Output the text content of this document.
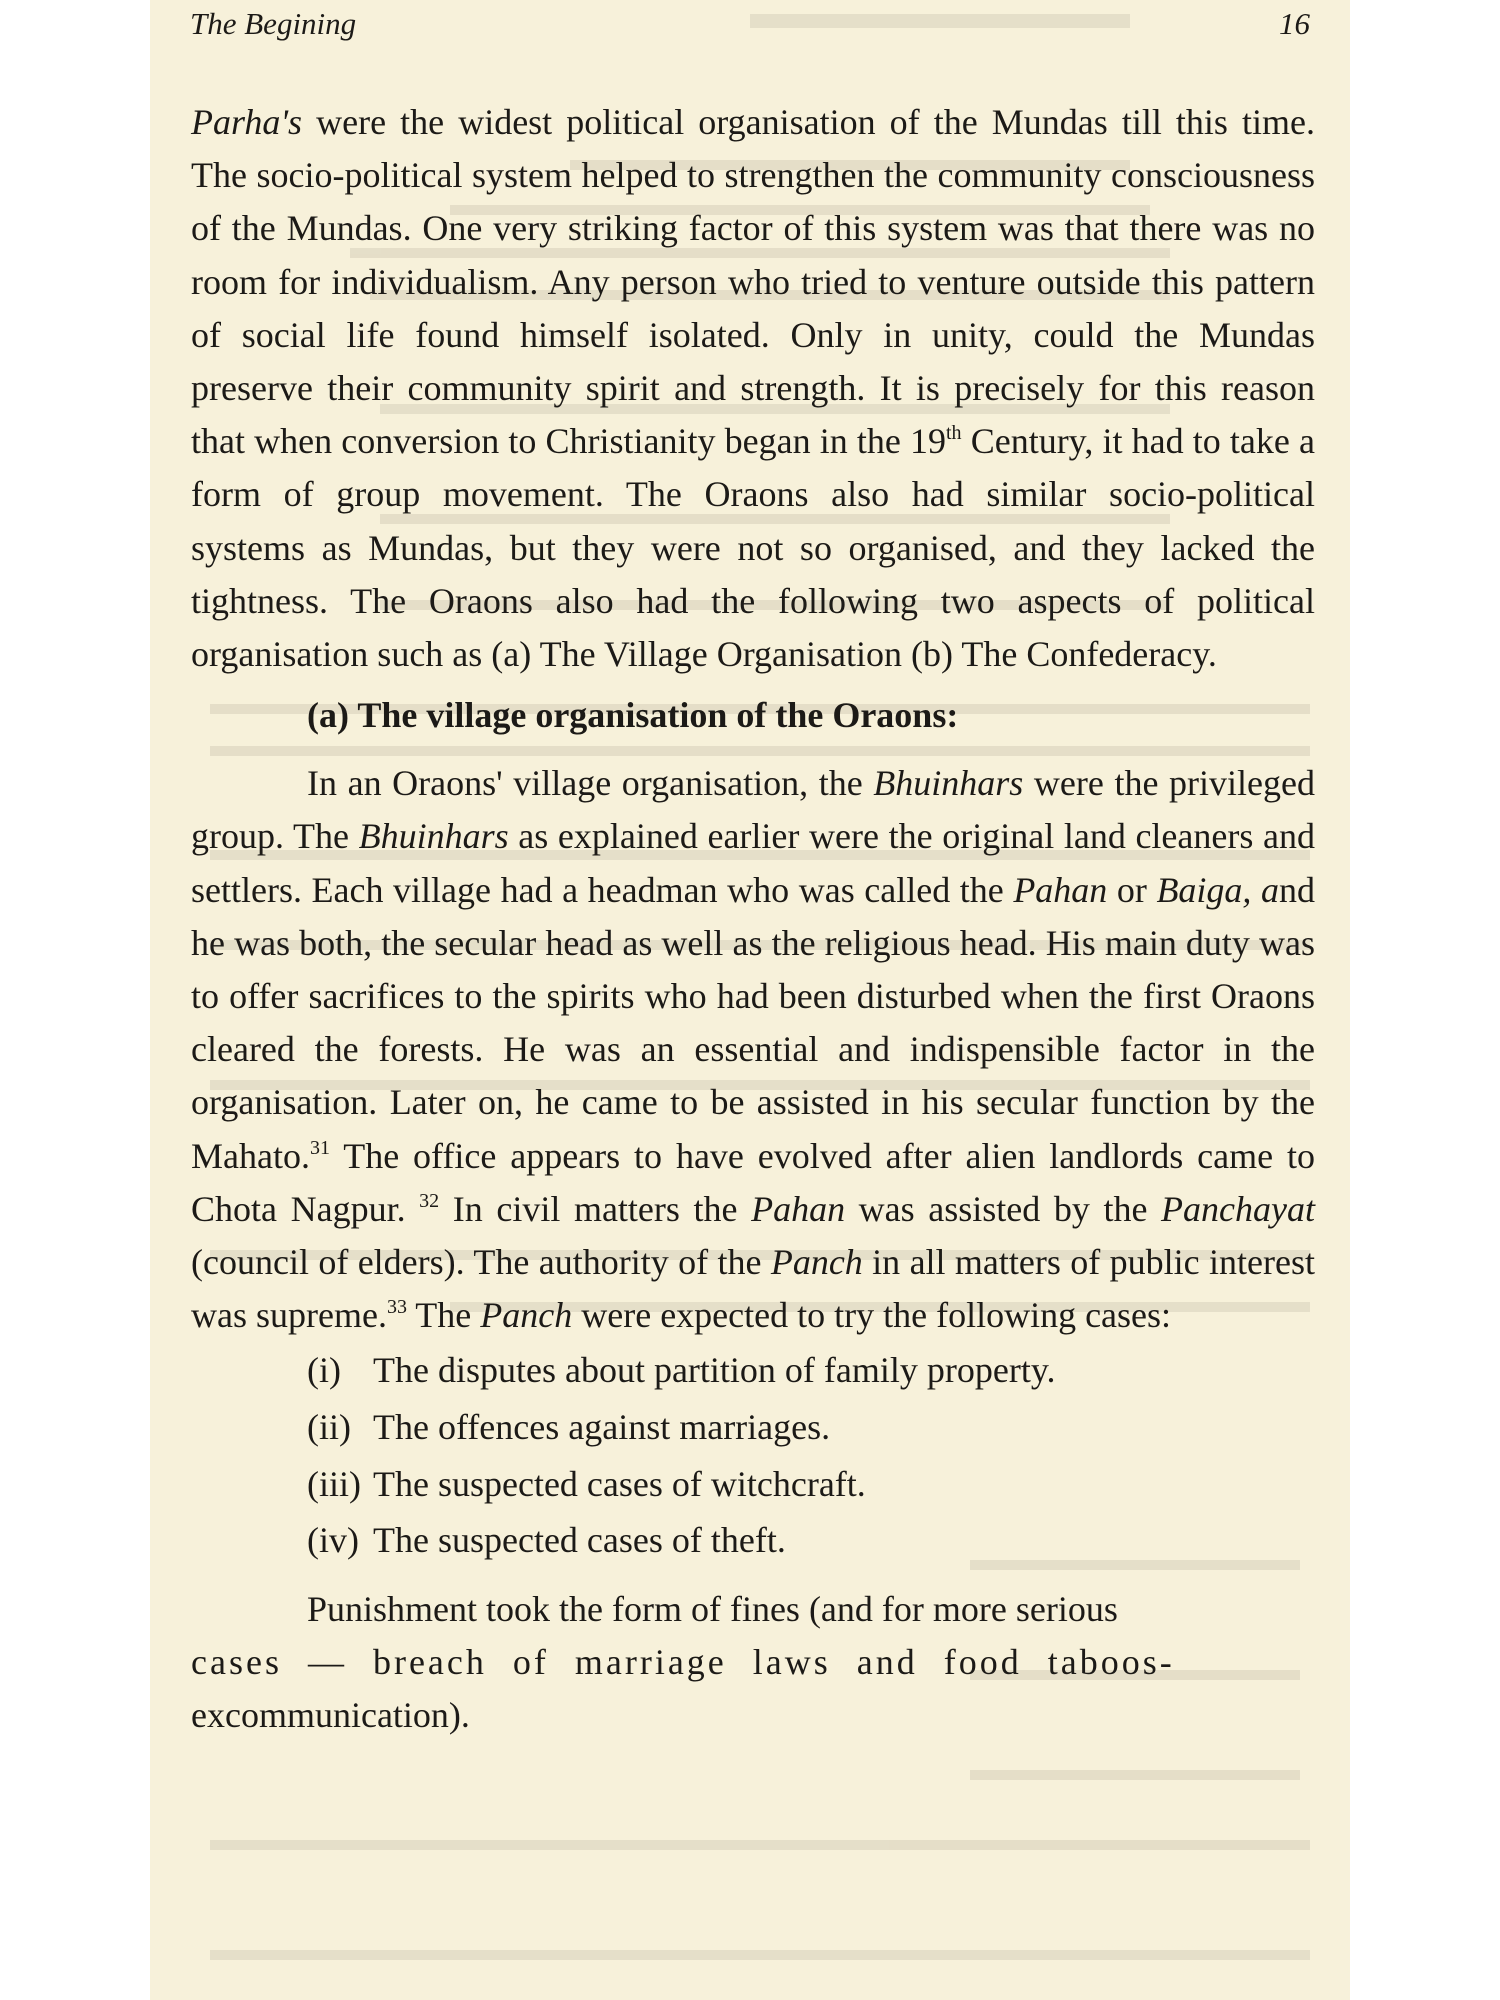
The Begining	16

Parha's were the widest political organisation of the Mundas till this time. The socio-political system helped to strengthen the community consciousness of the Mundas. One very striking factor of this system was that there was no room for individualism. Any person who tried to venture outside this pattern of social life found himself isolated. Only in unity, could the Mundas preserve their community spirit and strength. It is precisely for this reason that when conversion to Christianity began in the 19th Century, it had to take a form of group movement. The Oraons also had similar socio-political systems as Mundas, but they were not so organised, and they lacked the tightness. The Oraons also had the following two aspects of political organisation such as (a) The Village Organisation (b) The Confederacy.

(a) The village organisation of the Oraons:

In an Oraons' village organisation, the Bhuinhars were the privileged group. The Bhuinhars as explained earlier were the original land cleaners and settlers. Each village had a headman who was called the Pahan or Baiga, and he was both, the secular head as well as the religious head. His main duty was to offer sacrifices to the spirits who had been disturbed when the first Oraons cleared the forests. He was an essential and indispensible factor in the organisation. Later on, he came to be assisted in his secular function by the Mahato.$^{31}$ The office appears to have evolved after alien landlords came to Chota Nagpur. $^{32}$ In civil matters the Pahan was assisted by the Panchayat (council of elders). The authority of the Panch in all matters of public interest was supreme.$^{33}$ The Panch were expected to try the following cases:

(i) The disputes about partition of family property.
(ii) The offences against marriages.
(iii) The suspected cases of witchcraft.
(iv) The suspected cases of theft.

Punishment took the form of fines (and for more serious
cases — breach of marriage laws and food taboos-
excommunication).
